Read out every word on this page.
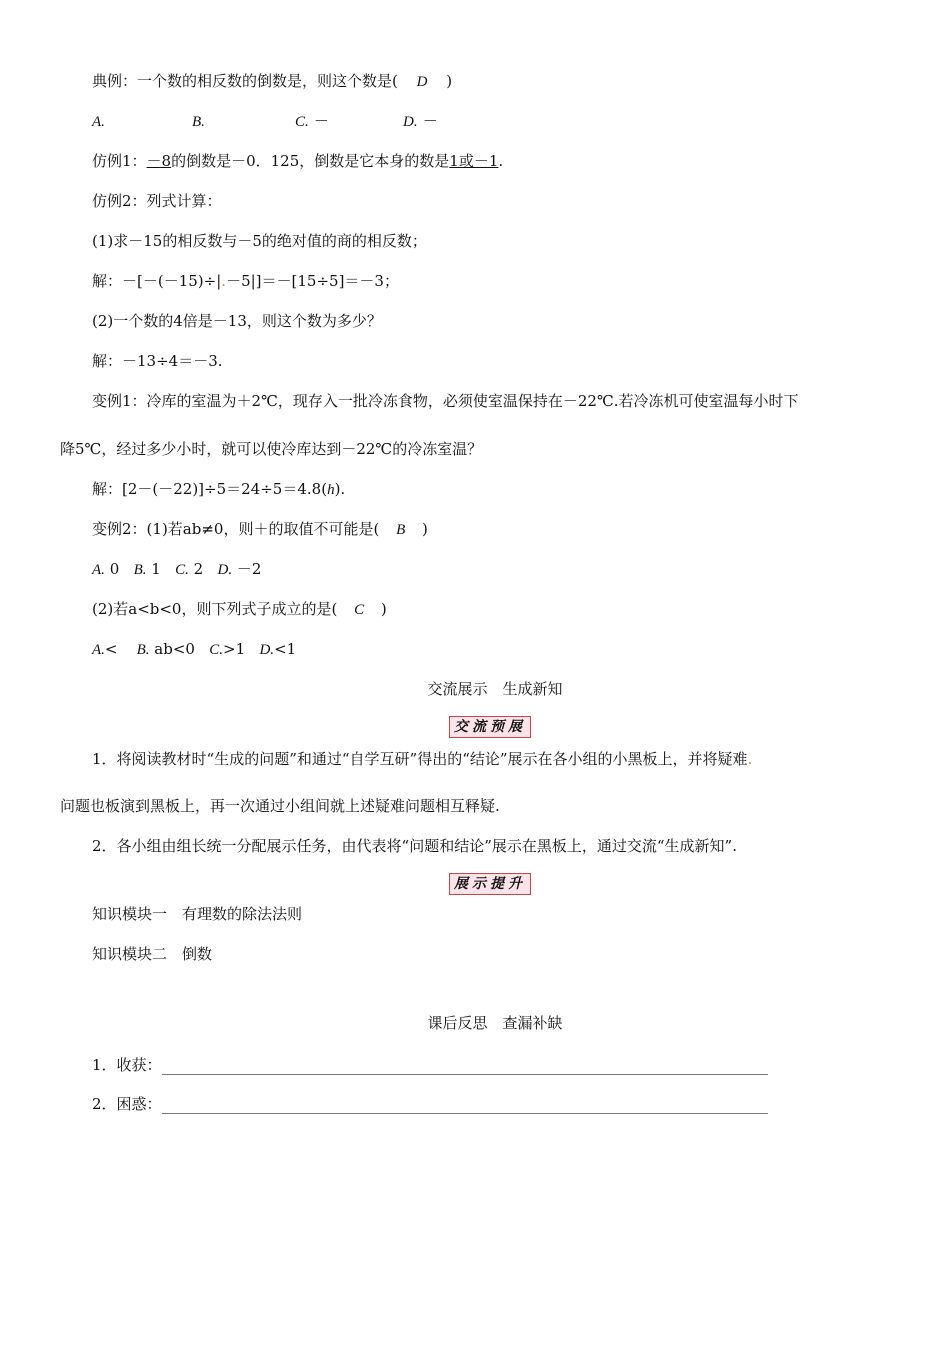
典例：一个数的相反数的倒数是，则这个数是( D )
A.	B.	C. －	D. －
仿例1：－8的倒数是－0．125，倒数是它本身的数是1或－1.
仿例2：列式计算：
(1)求－15的相反数与－5的绝对值的商的相反数；
解：－[－(－15)÷|.－5|]＝－[15÷5]＝－3；
(2)一个数的4倍是－13，则这个数为多少？
解：－13÷4＝－3.
变例1：冷库的室温为＋2℃，现存入一批冷冻食物，必须使室温保持在－22℃.若冷冻机可使室温每小时下
降5℃，经过多少小时，就可以使冷库达到－22℃的冷冻室温？
解：[2－(－22)]÷5＝24÷5＝4.8(h).
变例2：(1)若ab≠0，则＋的取值不可能是( B )
A. 0 B. 1 C. 2 D. －2
(2)若a<b<0，则下列式子成立的是( C )
A.< B. ab<0 C.>1 D.<1
交流展示　生成新知
交流预展
1．将阅读教材时“生成的问题”和通过“自学互研”得出的“结论”展示在各小组的小黑板上，并将疑难.
问题也板演到黑板上，再一次通过小组间就上述疑难问题相互释疑.
2．各小组由组长统一分配展示任务，由代表将“问题和结论”展示在黑板上，通过交流“生成新知”.
展示提升
知识模块一　有理数的除法法则
知识模块二　倒数
课后反思　查漏补缺
1．收获：
2．困惑：
